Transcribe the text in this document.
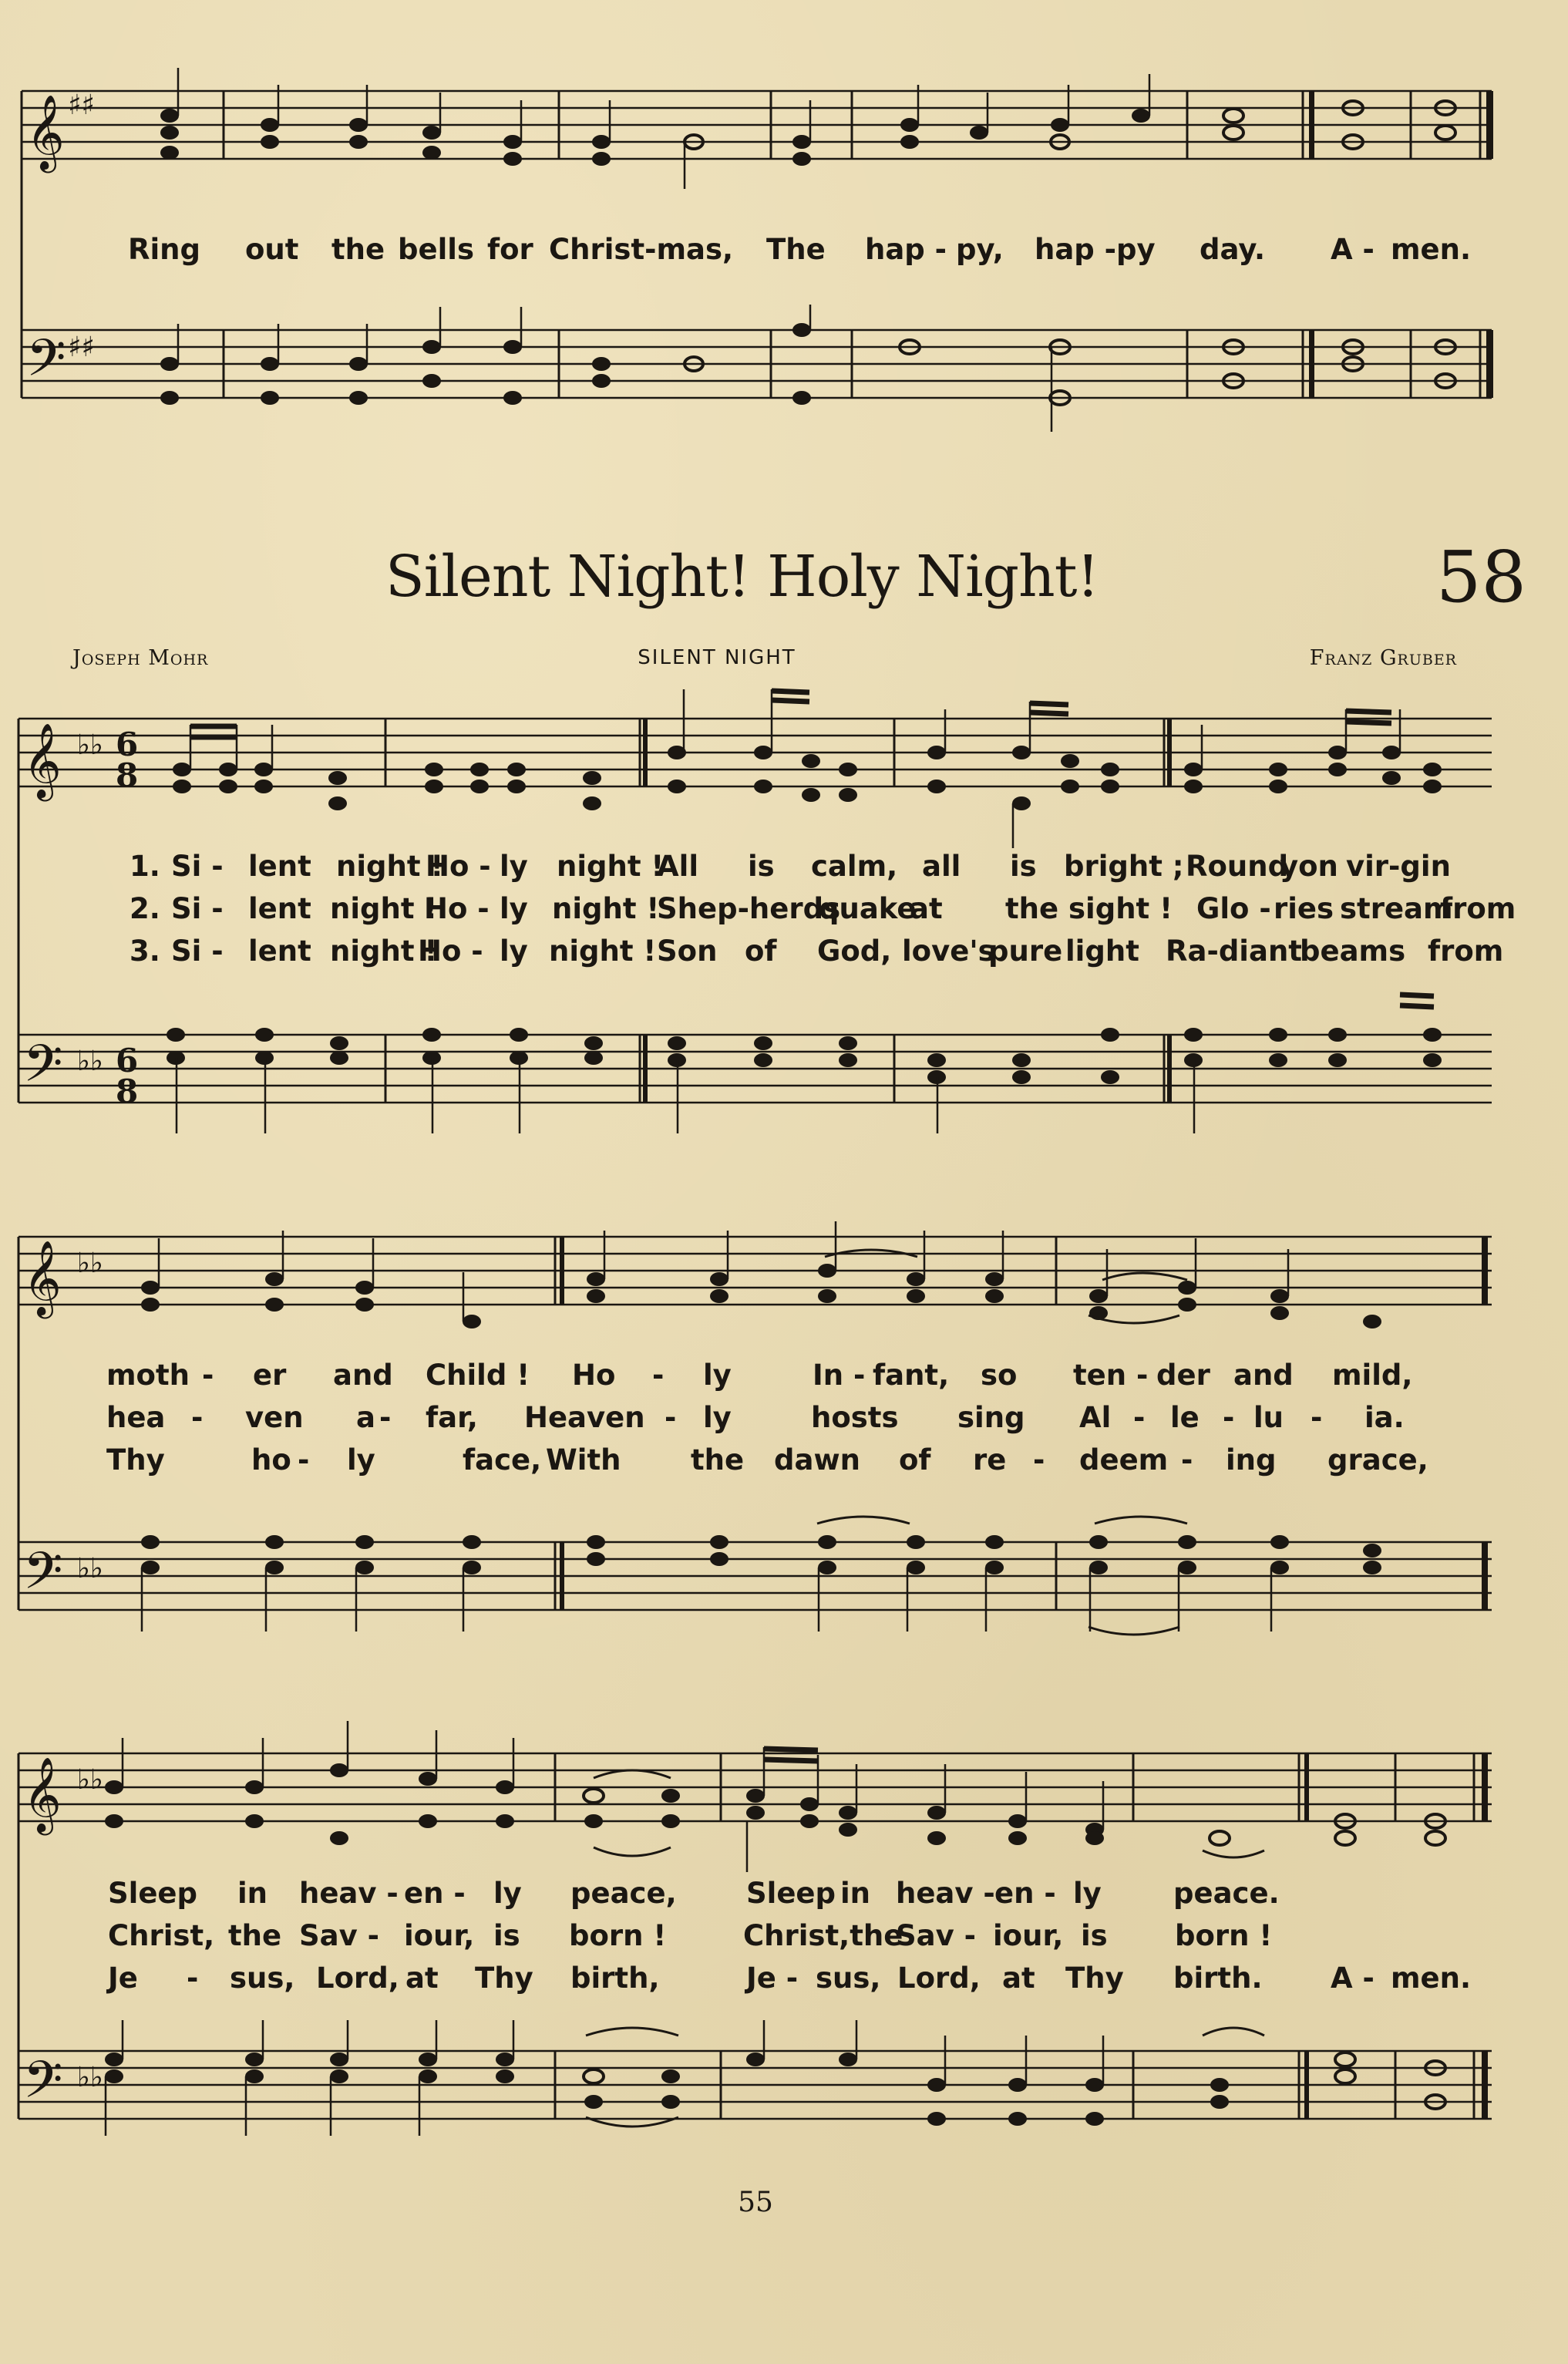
𝄞
𝄢
♯♯
♯♯
Ring out the bells for Christ-mas, The hap - py, hap - py day. A - men.
Silent Night! Holy Night!	58
Joseph Mohr	SILENT NIGHT	Franz Gruber
𝄞
𝄢
♭♭
♭♭
6
8
6
8
1. Si - lent night !
Ho - ly night !
All is calm, all is bright ; Round
yon vir-gin
2. Si - lent night !
Ho - ly night !
Shep-herds
quake
at the sight ! Glo - ries stream
from
3. Si - lent night !
Ho - ly night ! Son of God, love's
pure light Ra-diant
beams from
𝄞
𝄢
♭♭
♭♭
moth - er and Child ! Ho - ly	In - fant, so ten - der and mild,
hea - ven a - far, Heaven - ly	hosts sing Al - le - lu - ia.
Thy	ho - ly	face, With the dawn of re - deem - ing grace,
𝄞
𝄢
♭♭
♭♭
Sleep in heav - en - ly peace, Sleep in heav - en - ly	peace.
Christ, the Sav - iour, is born !	Christ,the
Sav - iour, is born !
Je - sus, Lord, at Thy birth,	Je - sus, Lord, at Thy birth. A - men.
55
